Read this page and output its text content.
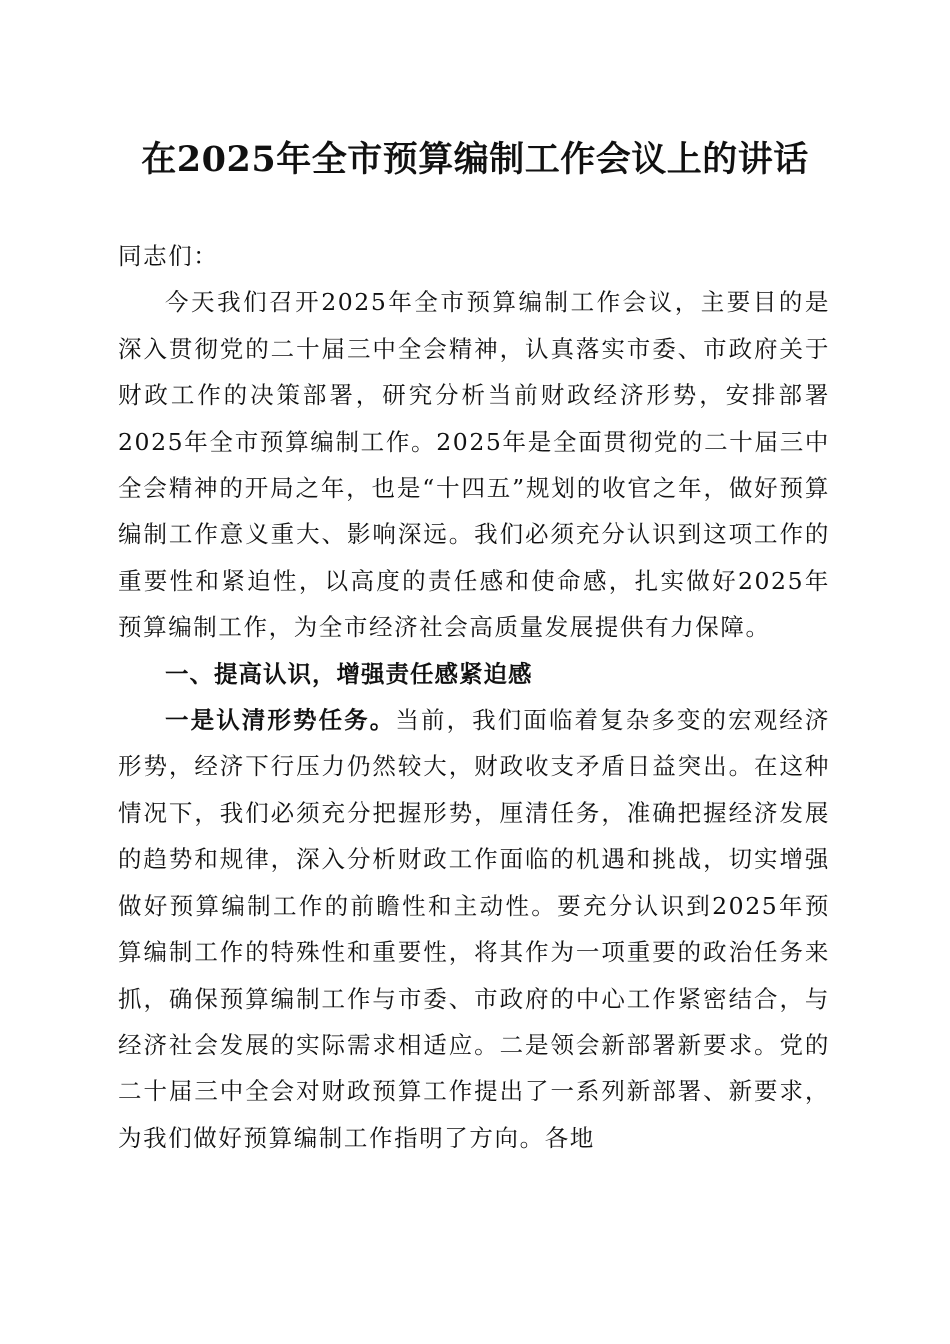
在2025年全市预算编制工作会议上的讲话

同志们：

今天我们召开2025年全市预算编制工作会议，主要目的是深入贯彻党的二十届三中全会精神，认真落实市委、市政府关于财政工作的决策部署，研究分析当前财政经济形势，安排部署2025年全市预算编制工作。2025年是全面贯彻党的二十届三中全会精神的开局之年，也是“十四五”规划的收官之年，做好预算编制工作意义重大、影响深远。我们必须充分认识到这项工作的重要性和紧迫性，以高度的责任感和使命感，扎实做好2025年预算编制工作，为全市经济社会高质量发展提供有力保障。

一、提高认识，增强责任感紧迫感

一是认清形势任务。当前，我们面临着复杂多变的宏观经济形势，经济下行压力仍然较大，财政收支矛盾日益突出。在这种情况下，我们必须充分把握形势，厘清任务，准确把握经济发展的趋势和规律，深入分析财政工作面临的机遇和挑战，切实增强做好预算编制工作的前瞻性和主动性。要充分认识到2025年预算编制工作的特殊性和重要性，将其作为一项重要的政治任务来抓，确保预算编制工作与市委、市政府的中心工作紧密结合，与经济社会发展的实际需求相适应。二是领会新部署新要求。党的二十届三中全会对财政预算工作提出了一系列新部署、新要求，为我们做好预算编制工作指明了方向。各地
